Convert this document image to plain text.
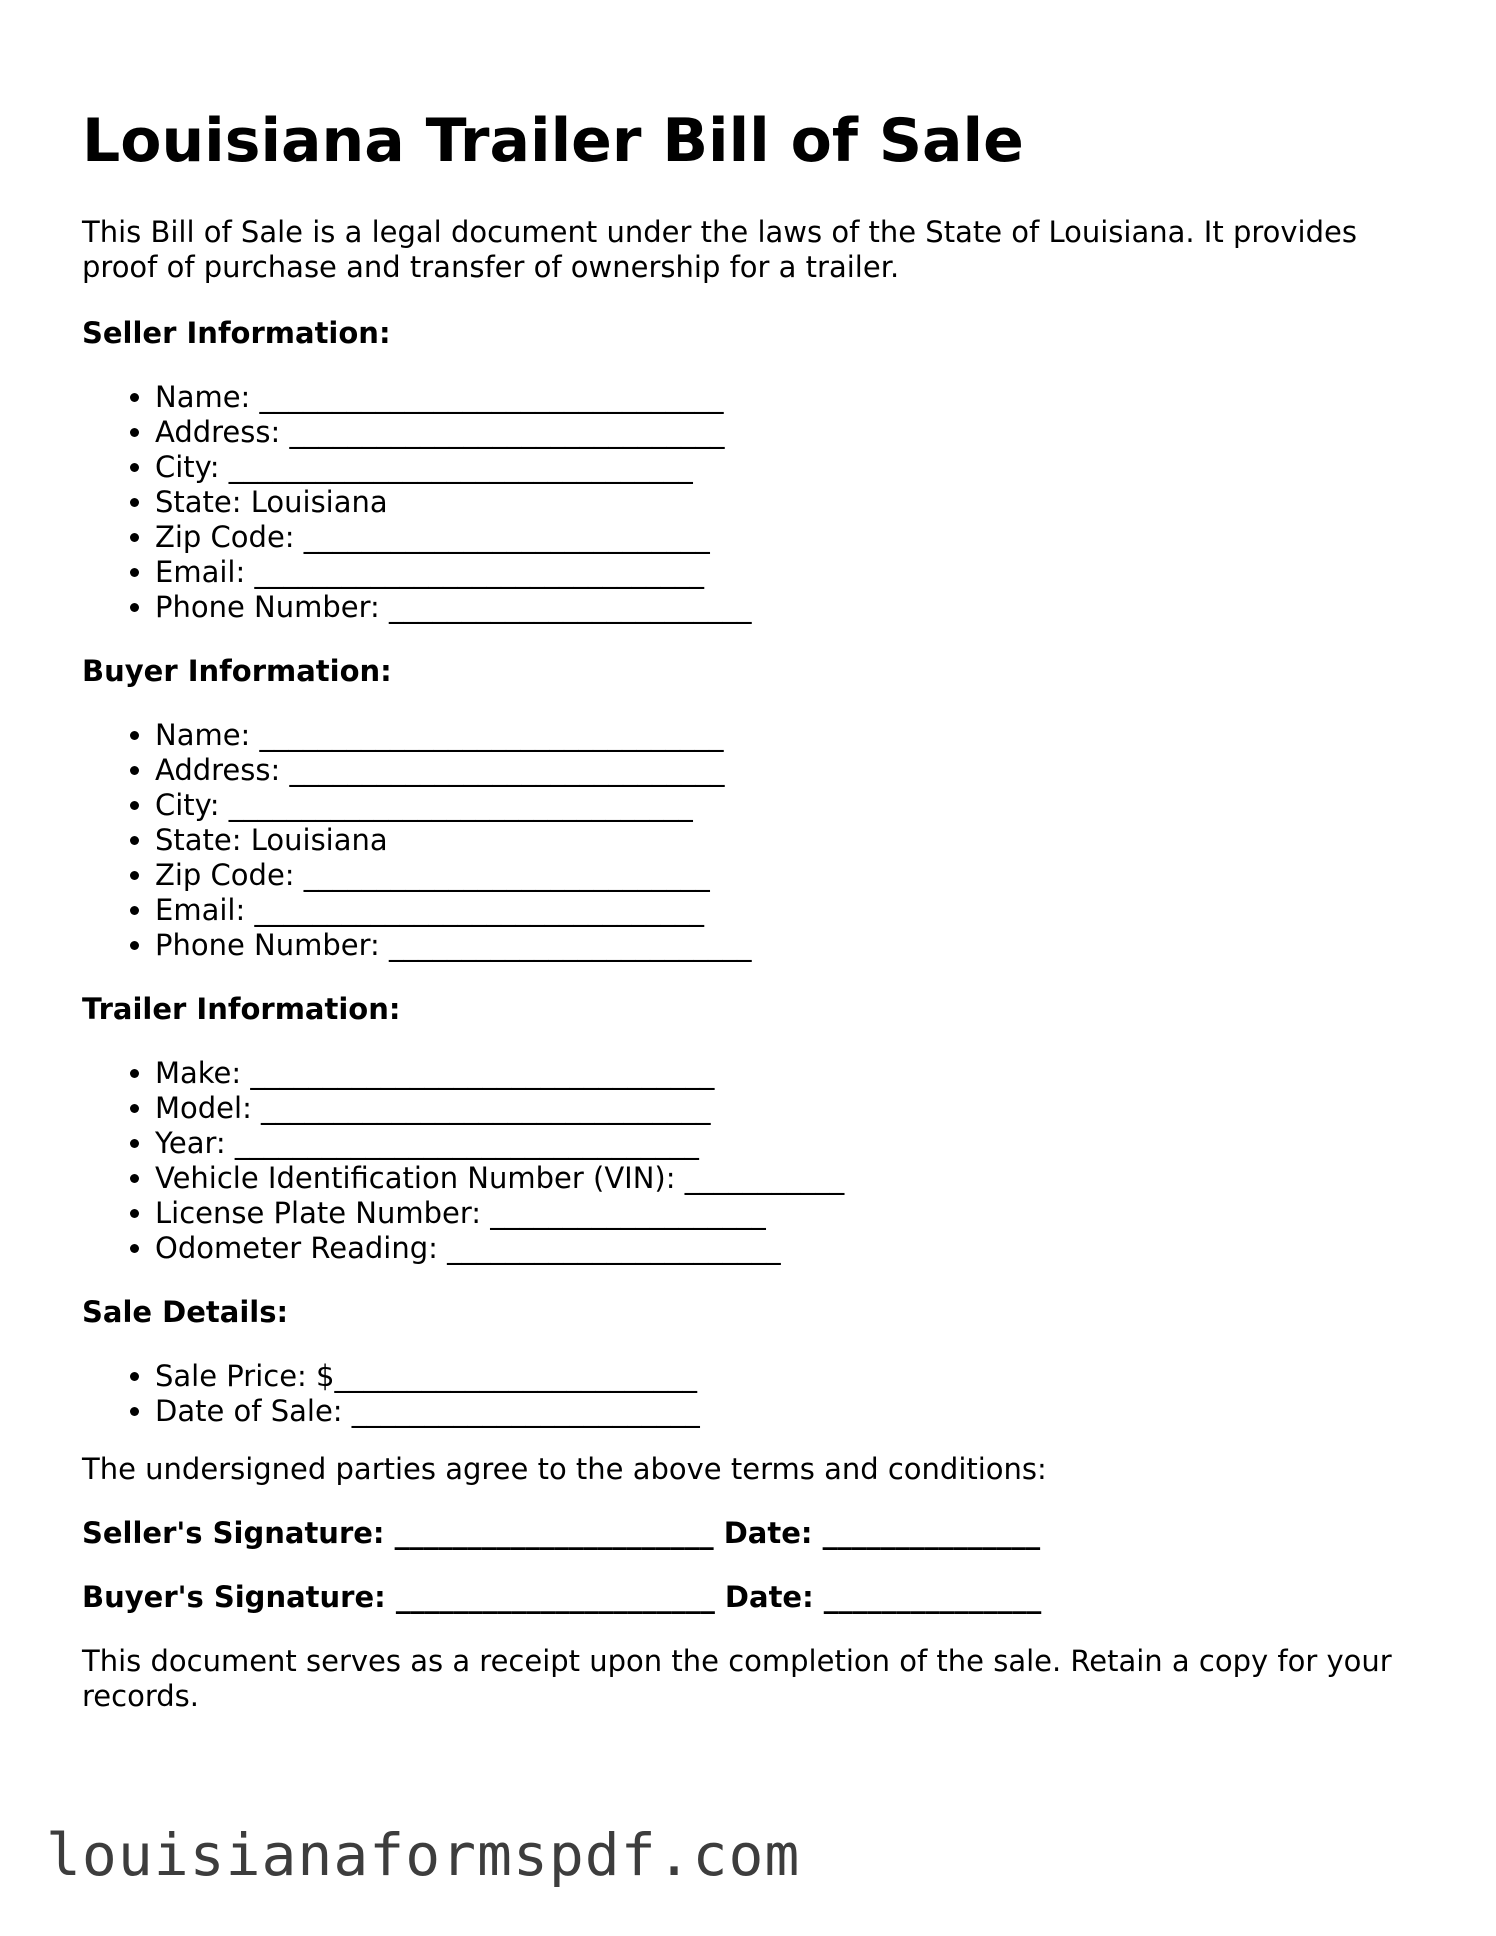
Louisiana Trailer Bill of Sale

This Bill of Sale is a legal document under the laws of the State of Louisiana. It provides proof of purchase and transfer of ownership for a trailer.

Seller Information:
• Name: ________________________________
• Address: ______________________________
• City: ________________________________
• State: Louisiana
• Zip Code: ____________________________
• Email: _______________________________
• Phone Number: _________________________
Buyer Information:
• Name: ________________________________
• Address: ______________________________
• City: ________________________________
• State: Louisiana
• Zip Code: ____________________________
• Email: _______________________________
• Phone Number: _________________________
Trailer Information:
• Make: ________________________________
• Model: _______________________________
• Year: ________________________________
• Vehicle Identification Number (VIN): ___________
• License Plate Number: ___________________
• Odometer Reading: _______________________
Sale Details:
• Sale Price: $_________________________
• Date of Sale: ________________________

The undersigned parties agree to the above terms and conditions:

Seller's Signature: ______________________ Date: _______________
Buyer's Signature: ______________________ Date: _______________

This document serves as a receipt upon the completion of the sale. Retain a copy for your records.

louisianaformspdf.com
